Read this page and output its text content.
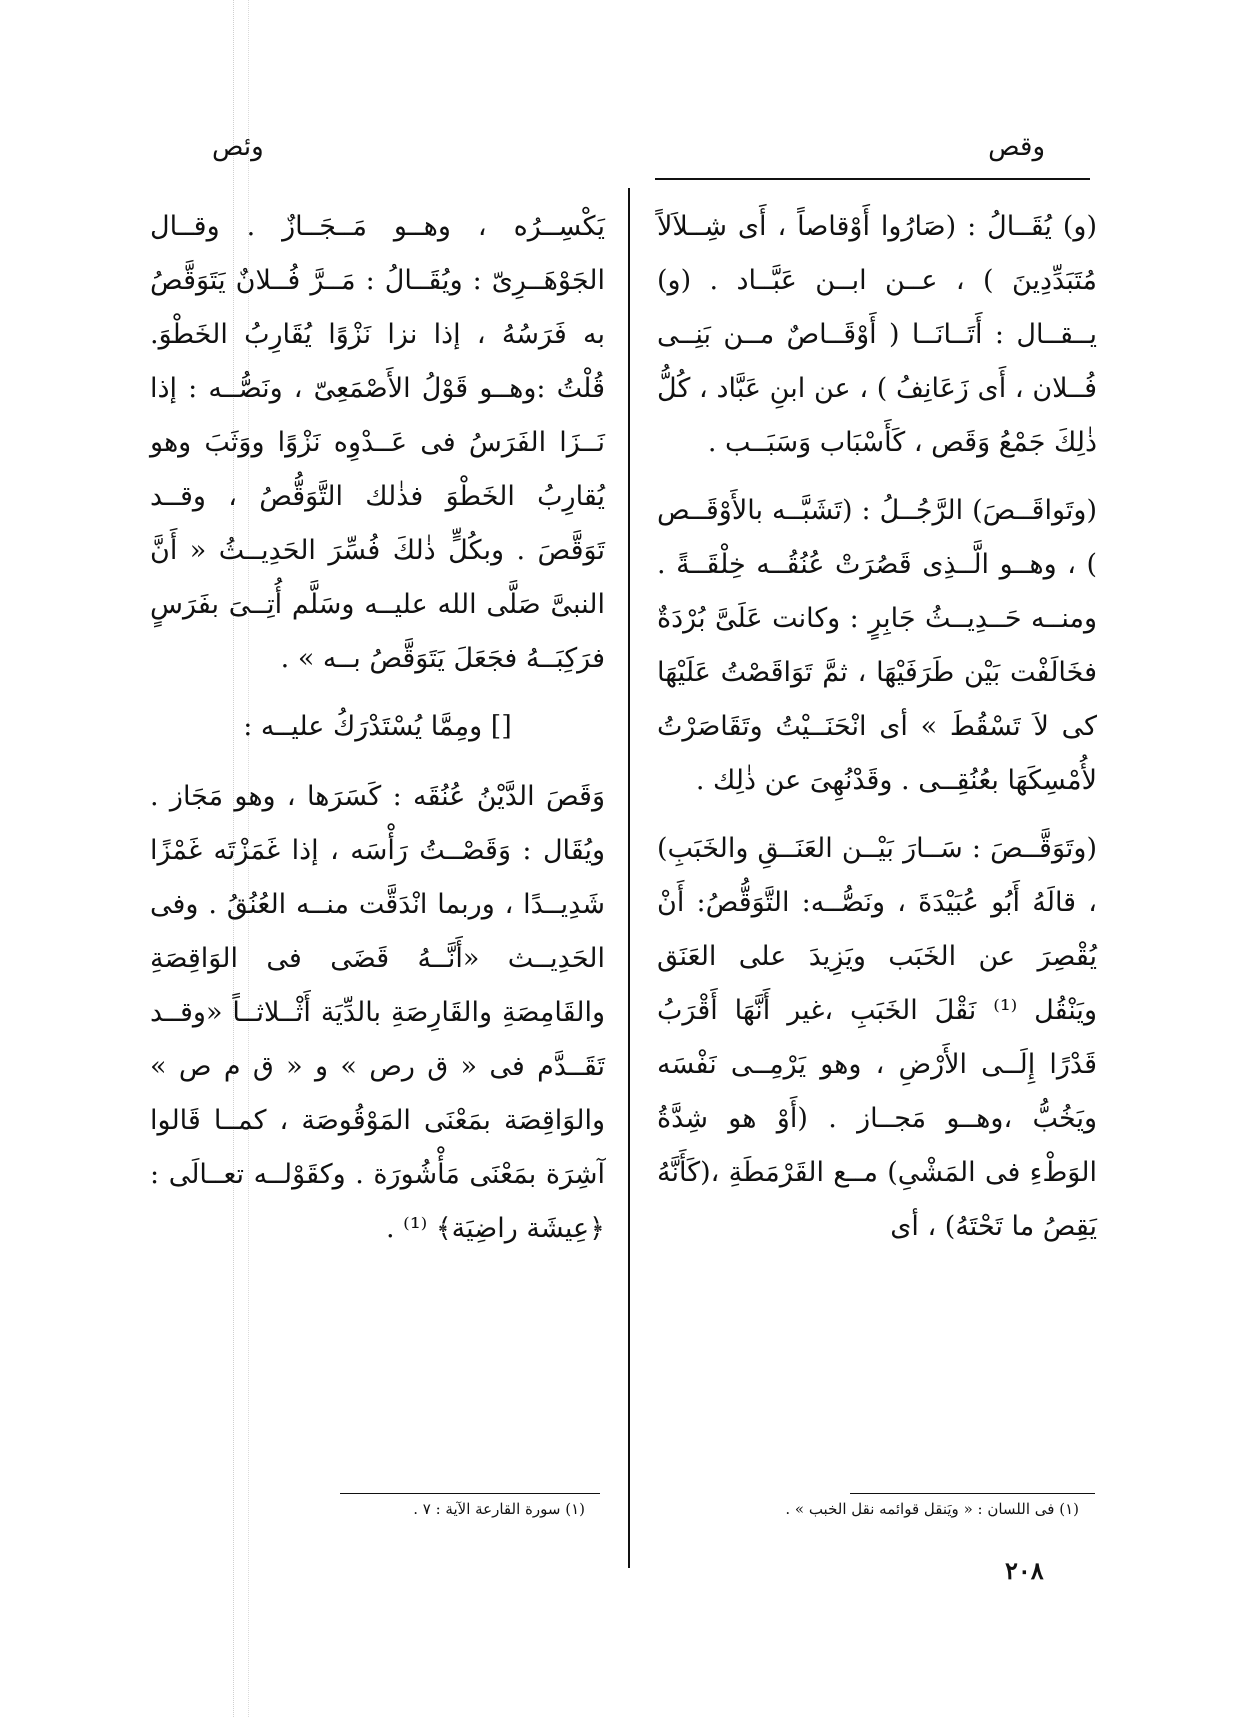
وقص
وئص

(و) يُقَــالُ : (صَارُوا أَوْقاصاً ، أَى شِــلاَلاً مُتَبَدِّدِينَ ) ، عــن ابــن عَبَّــاد . (و) يــقــال : أَتَــانَــا ( أَوْقَــاصٌ مــن بَنِــى فُــلان ، أَى زَعَانِفُ ) ، عن ابنِ عَبَّاد ، كُلُّ ذٰلِكَ جَمْعُ وَقَص ، كَأَسْبَاب وَسَبَــب .

(وتَواقَــصَ) الرَّجُــلُ : (تَشَبَّــه بالأَوْقَــص ) ، وهــو الَّــذِى قَصُرَتْ عُنُقُــه خِلْقَــةً . ومنــه حَــدِيــثُ جَابِرٍ : وكانت عَلَىَّ بُرْدَةٌ فخَالَفْت بَيْن طَرَفَيْهَا ، ثمَّ تَوَاقَصْتُ عَلَيْهَا كى لاَ تَسْقُطَ » أى انْحَنَــيْتُ وتَقَاصَرْتُ لأُمْسِكَهَا بعُنُقِــى . وقَدْنُهِىَ عن ذٰلِك .

(وتَوَقَّــصَ : سَــارَ بَيْــن العَنَــقِ والخَبَبِ) ، قالَهُ أَبُو عُبَيْدَةَ ، ونَصُّــه: التَّوَقُّصُ: أَنْ يُقْصِرَ عن الخَبَب ويَزِيدَ على العَنَق ويَنْقُل ⁽¹⁾ نَقْلَ الخَبَبِ ،غير أَنَّهَا أَقْرَبُ قَدْرًا إِلَــى الأَرْضِ ، وهو يَرْمِــى نَفْسَه ويَخُبُّ ،وهــو مَجــاز . (أَوْ هو شِدَّةُ الوَطْءِ فى المَشْىِ) مــع القَرْمَطَةِ ،(كَأَنَّهُ يَقِصُ ما تَحْتَهُ) ، أى

يَكْسِــرُه ، وهــو مَــجَــازٌ . وقــال الجَوْهَــرِىّ : ويُقَــالُ : مَــرَّ فُــلانٌ يَتَوَقَّصُ به فَرَسُهُ ، إذا نزا نَزْوًا يُقَارِبُ الخَطْوَ. قُلْتُ :وهــو قَوْلُ الأَصْمَعِىّ ، ونَصُّــه : إذا نَــزَا الفَرَسُ فى عَــدْوِه نَزْوًا ووَثَبَ وهو يُقارِبُ الخَطْوَ فذٰلك التَّوَقُّصُ ، وقــد تَوَقَّصَ . وبكُلٍّ ذٰلكَ فُسِّرَ الحَدِيــثُ « أَنَّ النبىَّ صَلَّى الله عليــه وسَلَّم أُتِــىَ بفَرَسٍ فرَكِبَــهُ فجَعَلَ يَتَوَقَّصُ بــه » .

[] ومِمَّا يُسْتَدْرَكُ عليــه :

وَقَصَ الدَّيْنُ عُنُقَه : كَسَرَها ، وهو مَجَاز . ويُقَال : وَقَصْــتُ رَأْسَه ، إذا غَمَزْتَه غَمْزًا شَدِيــدًا ، وربما انْدَقَّت منــه العُنُقُ . وفى الحَدِيــث «أَنَّــهُ قَضَى فى الوَاقِصَةِ والقَامِصَةِ والقَارِصَةِ بالدِّيَة أَثْــلاثــاً «وقــد تَقَــدَّم فى « ق رص » و « ق م ص » والوَاقِصَة بمَعْنَى المَوْقُوصَة ، كمــا قَالوا آشِرَة بمَعْنَى مَأْشُورَة . وكقَوْلــه تعــالَى : ﴿عِيشَة راضِيَة﴾ ⁽¹⁾ .

(١) فى اللسان : « ويَنقل قوائمه نقل الخبب » .
(١) سورة القارعة الآية : ٧ .
٢٠٨
